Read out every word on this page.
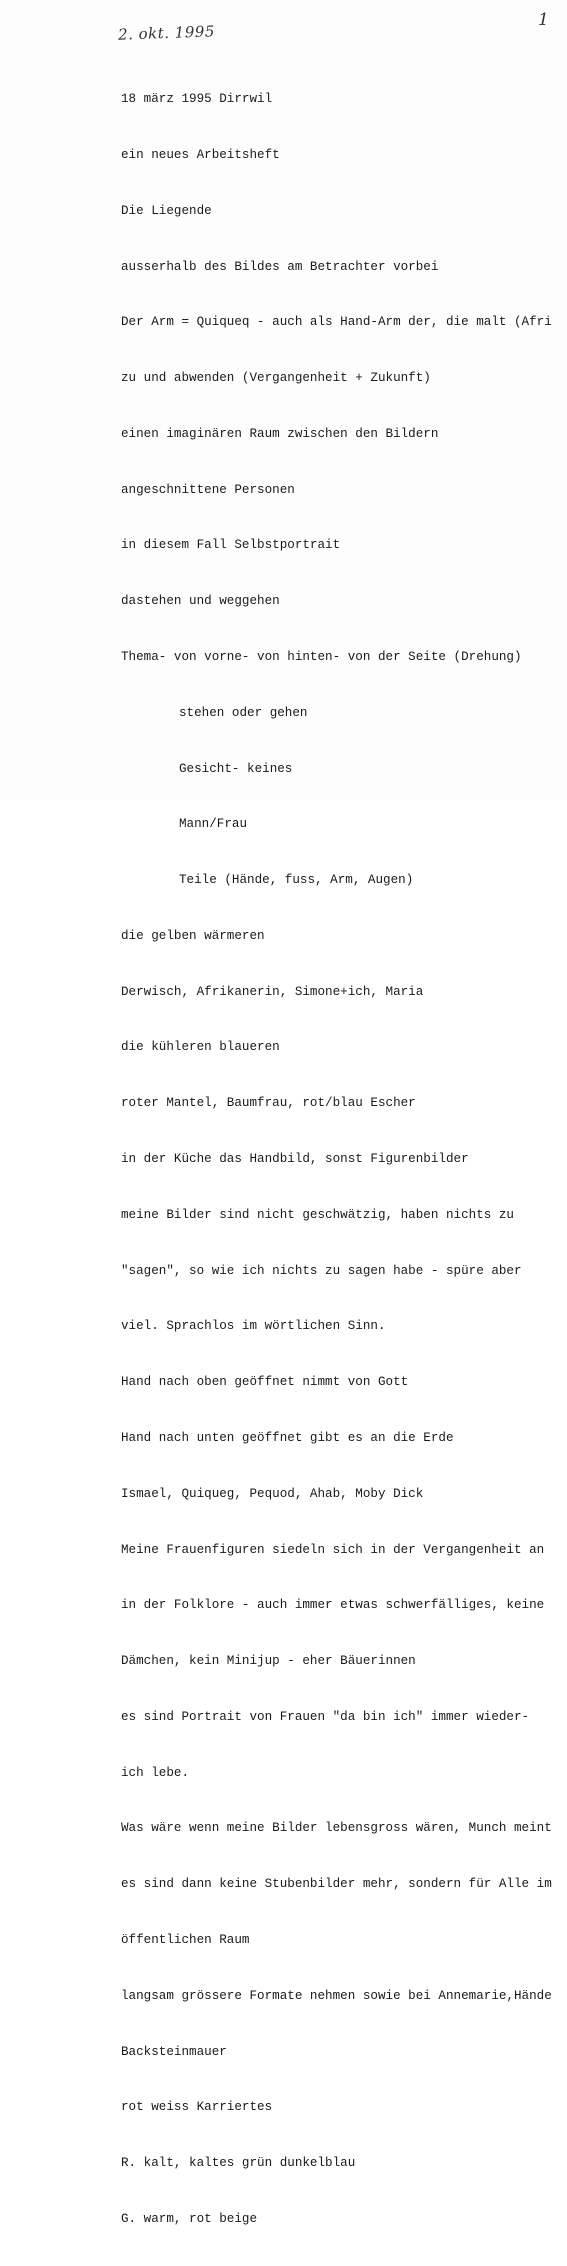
2. okt. 1995
1

18 märz 1995 Dirrwil

ein neues Arbeitsheft

Die Liegende

ausserhalb des Bildes am Betrachter vorbei

Der Arm = Quiqueq - auch als Hand-Arm der, die malt (Afri

zu und abwenden (Vergangenheit + Zukunft)

einen imaginären Raum zwischen den Bildern

angeschnittene Personen

in diesem Fall Selbstportrait

dastehen und weggehen

Thema- von vorne- von hinten- von der Seite (Drehung)

stehen oder gehen

Gesicht- keines

Mann/Frau

Teile (Hände, fuss, Arm, Augen)

die gelben wärmeren

Derwisch, Afrikanerin, Simone+ich, Maria

die kühleren blaueren

roter Mantel, Baumfrau, rot/blau Escher

in der Küche das Handbild, sonst Figurenbilder

meine Bilder sind nicht geschwätzig, haben nichts zu

"sagen", so wie ich nichts zu sagen habe - spüre aber

viel. Sprachlos im wörtlichen Sinn.

Hand nach oben geöffnet nimmt von Gott

Hand nach unten geöffnet gibt es an die Erde

Ismael, Quiqueg, Pequod, Ahab, Moby Dick

Meine Frauenfiguren siedeln sich in der Vergangenheit an

in der Folklore - auch immer etwas schwerfälliges, keine

Dämchen, kein Minijup - eher Bäuerinnen

es sind Portrait von Frauen "da bin ich" immer wieder-

ich lebe.

Was wäre wenn meine Bilder lebensgross wären, Munch meint

es sind dann keine Stubenbilder mehr, sondern für Alle im

öffentlichen Raum

langsam grössere Formate nehmen sowie bei Annemarie,Hände

Backsteinmauer

rot weiss Karriertes

R. kalt, kaltes grün dunkelblau

G. warm, rot beige
